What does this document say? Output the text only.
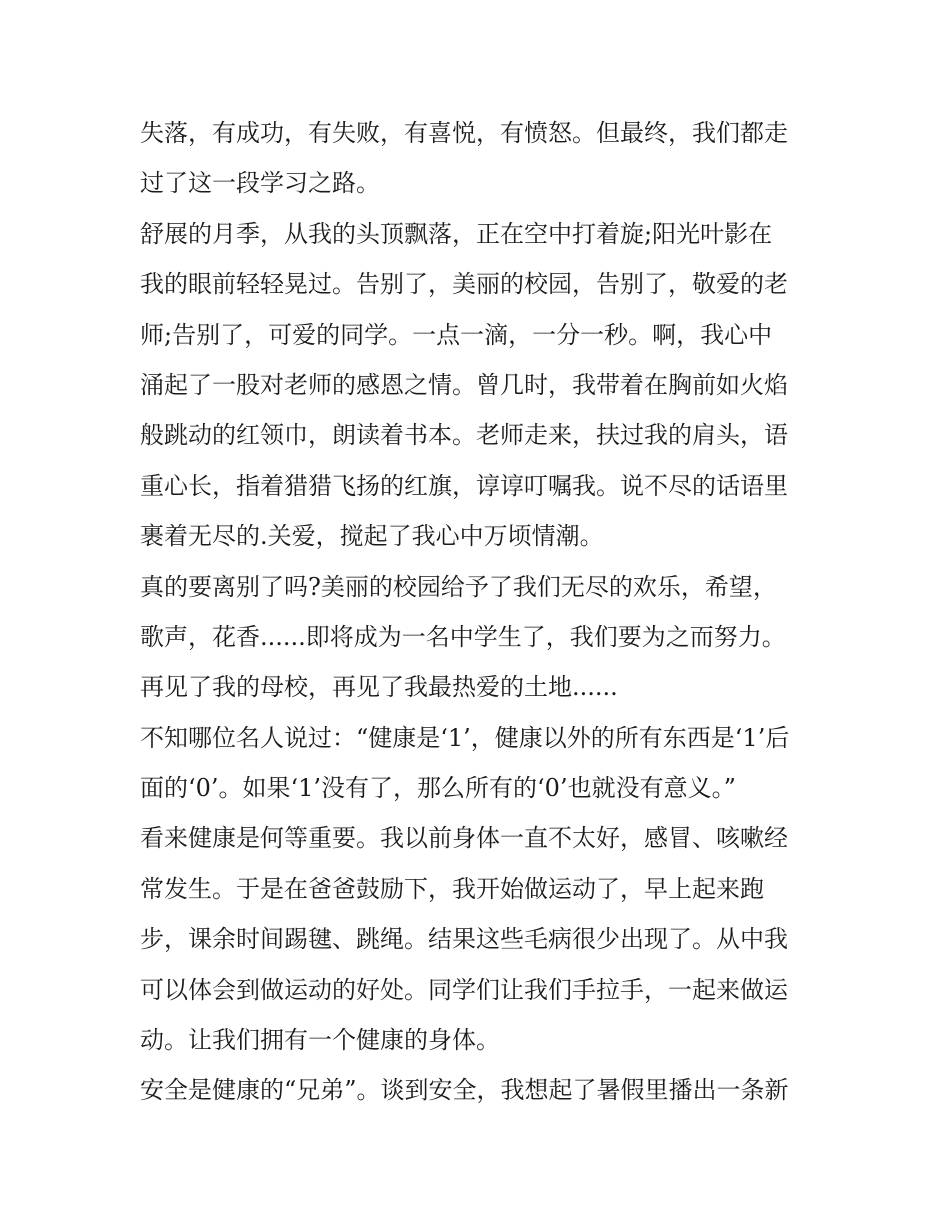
失落，有成功，有失败，有喜悦，有愤怒。但最终，我们都走
过了这一段学习之路。
舒展的月季，从我的头顶飘落，正在空中打着旋;阳光叶影在
我的眼前轻轻晃过。告别了，美丽的校园，告别了，敬爱的老
师;告别了，可爱的同学。一点一滴，一分一秒。啊，我心中
涌起了一股对老师的感恩之情。曾几时，我带着在胸前如火焰
般跳动的红领巾，朗读着书本。老师走来，扶过我的肩头，语
重心长，指着猎猎飞扬的红旗，谆谆叮嘱我。说不尽的话语里
裹着无尽的.关爱，搅起了我心中万顷情潮。
真的要离别了吗?美丽的校园给予了我们无尽的欢乐，希望，
歌声，花香......即将成为一名中学生了，我们要为之而努力。
再见了我的母校，再见了我最热爱的土地......
不知哪位名人说过：“健康是‘1’，健康以外的所有东西是‘1’后
面的‘0’。如果‘1’没有了，那么所有的‘0’也就没有意义。”
看来健康是何等重要。我以前身体一直不太好，感冒、咳嗽经
常发生。于是在爸爸鼓励下，我开始做运动了，早上起来跑
步，课余时间踢毽、跳绳。结果这些毛病很少出现了。从中我
可以体会到做运动的好处。同学们让我们手拉手，一起来做运
动。让我们拥有一个健康的身体。
安全是健康的“兄弟”。谈到安全，我想起了暑假里播出一条新
